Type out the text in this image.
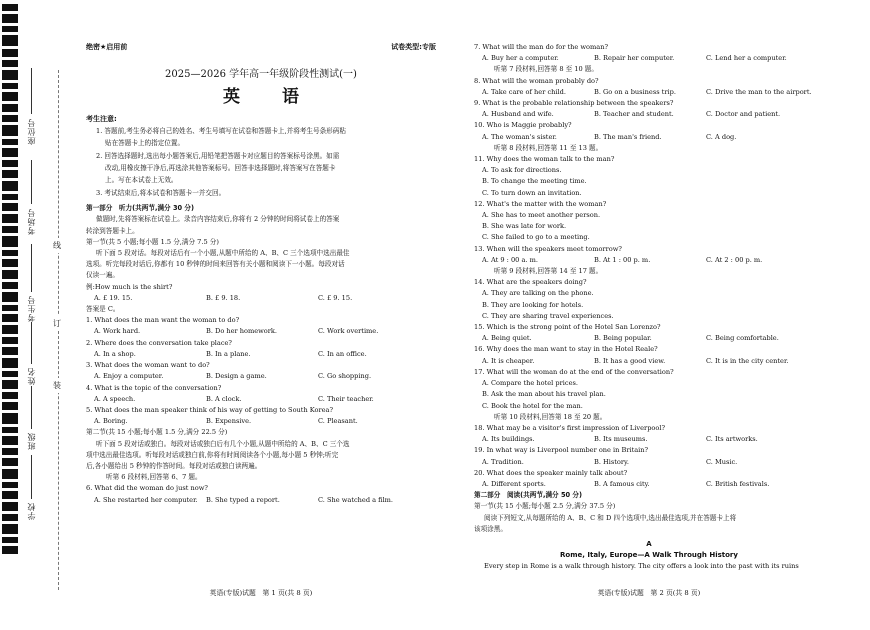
座位号
考场号
考生号
姓名
班级
学校
线
订
装
绝密★启用前	试卷类型:专版
2025—2026 学年高一年级阶段性测试(一)
英 语
考生注意:
1. 答题前,考生务必将自己的姓名、考生号填写在试卷和答题卡上,并将考生号条形码粘
贴在答题卡上的指定位置。
2. 回答选择题时,选出每小题答案后,用铅笔把答题卡对应题目的答案标号涂黑。如需
改动,用橡皮擦干净后,再选涂其他答案标号。回答非选择题时,将答案写在答题卡
上。写在本试卷上无效。
3. 考试结束后,将本试卷和答题卡一并交回。
第一部分　听力(共两节,满分 30 分)
做题时,先将答案标在试卷上。录音内容结束后,你将有 2 分钟的时间将试卷上的答案
转涂到答题卡上。
第一节(共 5 小题;每小题 1.5 分,满分 7.5 分)
听下面 5 段对话。每段对话后有一个小题,从题中所给的 A、B、C 三个选项中选出最佳
选项。听完每段对话后,你都有 10 秒钟的时间来回答有关小题和阅读下一小题。每段对话
仅读一遍。
例:How much is the shirt?
A. £ 19. 15.	B. £ 9. 18.	C. £ 9. 15.
答案是 C。
1. What does the man want the woman to do?
A. Work hard.	B. Do her homework.	C. Work overtime.
2. Where does the conversation take place?
A. In a shop.	B. In a plane.	C. In an office.
3. What does the woman want to do?
A. Enjoy a computer.	B. Design a game.	C. Go shopping.
4. What is the topic of the conversation?
A. A speech.	B. A clock.	C. Their teacher.
5. What does the man speaker think of his way of getting to South Korea?
A. Boring.	B. Expensive.	C. Pleasant.
第二节(共 15 小题;每小题 1.5 分,满分 22.5 分)
听下面 5 段对话或独白。每段对话或独白后有几个小题,从题中所给的 A、B、C 三个选
项中选出最佳选项。听每段对话或独白前,你将有时间阅读各个小题,每小题 5 秒钟;听完
后,各小题给出 5 秒钟的作答时间。每段对话或独白读两遍。
听第 6 段材料,回答第 6、7 题。
6. What did the woman do just now?
A. She restarted her computer.	B. She typed a report.	C. She watched a film.
7. What will the man do for the woman?
A. Buy her a computer.	B. Repair her computer.	C. Lend her a computer.
听第 7 段材料,回答第 8 至 10 题。
8. What will the woman probably do?
A. Take care of her child.	B. Go on a business trip.	C. Drive the man to the airport.
9. What is the probable relationship between the speakers?
A. Husband and wife.	B. Teacher and student.	C. Doctor and patient.
10. Who is Maggie probably?
A. The woman's sister.	B. The man's friend.	C. A dog.
听第 8 段材料,回答第 11 至 13 题。
11. Why does the woman talk to the man?
A. To ask for directions.
B. To change the meeting time.
C. To turn down an invitation.
12. What's the matter with the woman?
A. She has to meet another person.
B. She was late for work.
C. She failed to go to a meeting.
13. When will the speakers meet tomorrow?
A. At 9 : 00 a. m.	B. At 1 : 00 p. m.	C. At 2 : 00 p. m.
听第 9 段材料,回答第 14 至 17 题。
14. What are the speakers doing?
A. They are talking on the phone.
B. They are looking for hotels.
C. They are sharing travel experiences.
15. Which is the strong point of the Hotel San Lorenzo?
A. Being quiet.	B. Being popular.	C. Being comfortable.
16. Why does the man want to stay in the Hotel Reale?
A. It is cheaper.	B. It has a good view.	C. It is in the city center.
17. What will the woman do at the end of the conversation?
A. Compare the hotel prices.
B. Ask the man about his travel plan.
C. Book the hotel for the man.
听第 10 段材料,回答第 18 至 20 题。
18. What may be a visitor's first impression of Liverpool?
A. Its buildings.	B. Its museums.	C. Its artworks.
19. In what way is Liverpool number one in Britain?
A. Tradition.	B. History.	C. Music.
20. What does the speaker mainly talk about?
A. Different sports.	B. A famous city.	C. British festivals.
第二部分　阅读(共两节,满分 50 分)
第一节(共 15 小题;每小题 2.5 分,满分 37.5 分)
阅读下列短文,从每题所给的 A、B、C 和 D 四个选项中,选出最佳选项,并在答题卡上将
该项涂黑。
A
Rome, Italy, Europe—A Walk Through History
Every step in Rome is a walk through history. The city offers a look into the past with its ruins
英语(专版)试题　第 1 页(共 8 页)	英语(专版)试题　第 2 页(共 8 页)
